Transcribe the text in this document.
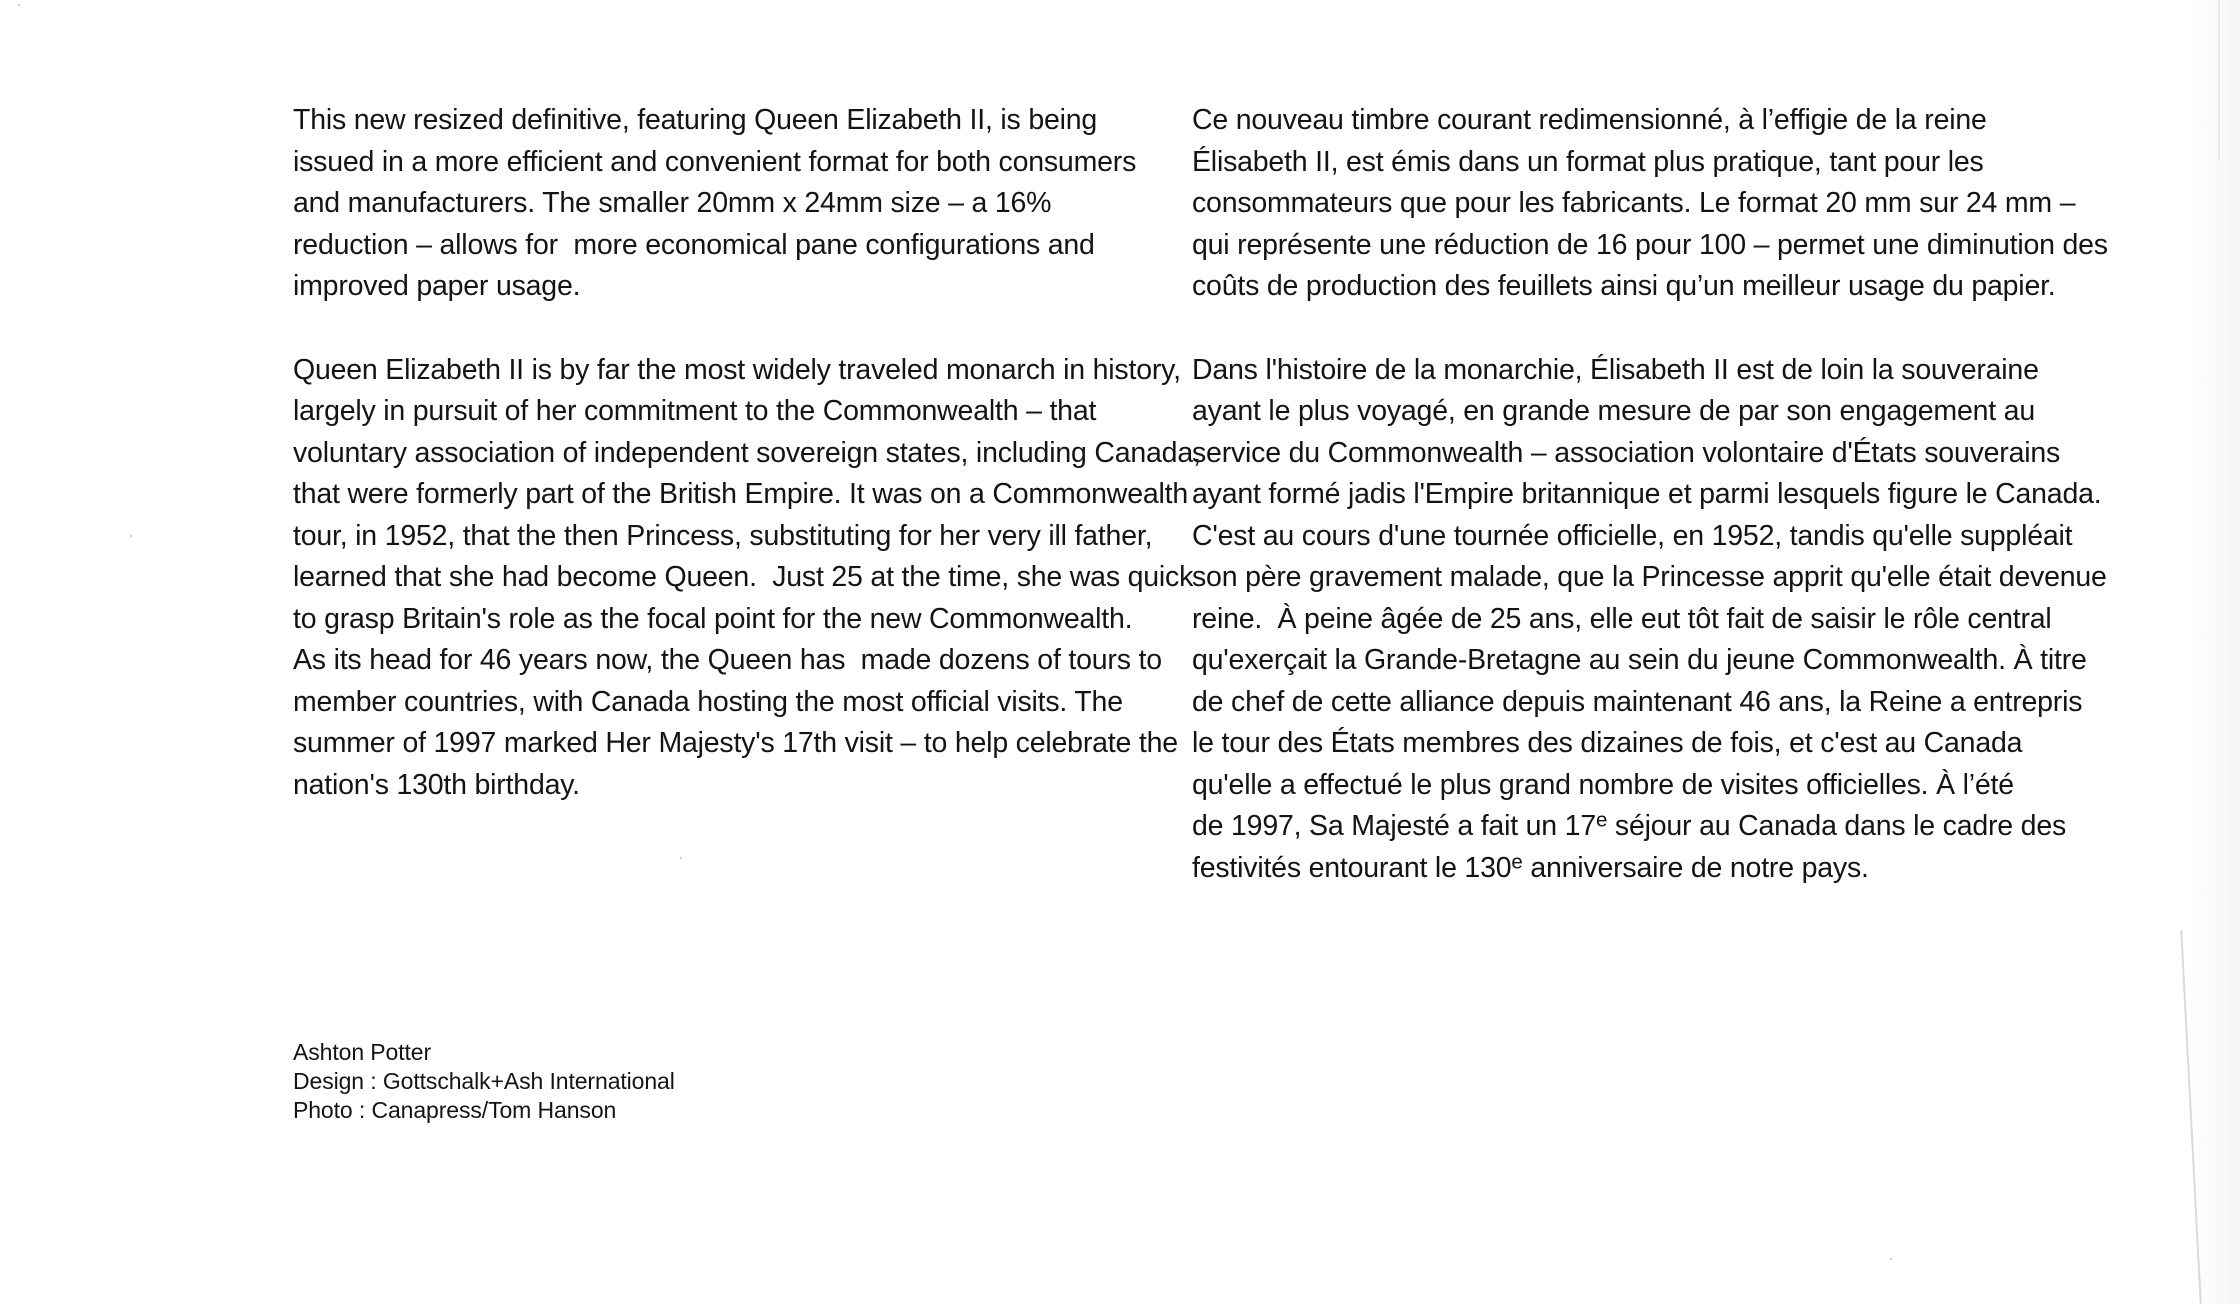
This new resized definitive, featuring Queen Elizabeth II, is being
issued in a more efficient and convenient format for both consumers
and manufacturers. The smaller 20mm x 24mm size – a 16%
reduction – allows for  more economical pane configurations and
improved paper usage.
Queen Elizabeth II is by far the most widely traveled monarch in history,
largely in pursuit of her commitment to the Commonwealth – that
voluntary association of independent sovereign states, including Canada,
that were formerly part of the British Empire. It was on a Commonwealth
tour, in 1952, that the then Princess, substituting for her very ill father,
learned that she had become Queen.  Just 25 at the time, she was quick
to grasp Britain's role as the focal point for the new Commonwealth.
As its head for 46 years now, the Queen has  made dozens of tours to
member countries, with Canada hosting the most official visits. The
summer of 1997 marked Her Majesty's 17th visit – to help celebrate the
nation's 130th birthday.
Ce nouveau timbre courant redimensionné, à l’effigie de la reine
Élisabeth II, est émis dans un format plus pratique, tant pour les
consommateurs que pour les fabricants. Le format 20 mm sur 24 mm –
qui représente une réduction de 16 pour 100 – permet une diminution des
coûts de production des feuillets ainsi qu’un meilleur usage du papier.
Dans l'histoire de la monarchie, Élisabeth II est de loin la souveraine
ayant le plus voyagé, en grande mesure de par son engagement au
service du Commonwealth – association volontaire d'États souverains
ayant formé jadis l'Empire britannique et parmi lesquels figure le Canada.
C'est au cours d'une tournée officielle, en 1952, tandis qu'elle suppléait
son père gravement malade, que la Princesse apprit qu'elle était devenue
reine.  À peine âgée de 25 ans, elle eut tôt fait de saisir le rôle central
qu'exerçait la Grande-Bretagne au sein du jeune Commonwealth. À titre
de chef de cette alliance depuis maintenant 46 ans, la Reine a entrepris
le tour des États membres des dizaines de fois, et c'est au Canada
qu'elle a effectué le plus grand nombre de visites officielles. À l’été
de 1997, Sa Majesté a fait un 17e séjour au Canada dans le cadre des
festivités entourant le 130e anniversaire de notre pays.
Ashton Potter
Design : Gottschalk+Ash International
Photo : Canapress/Tom Hanson
